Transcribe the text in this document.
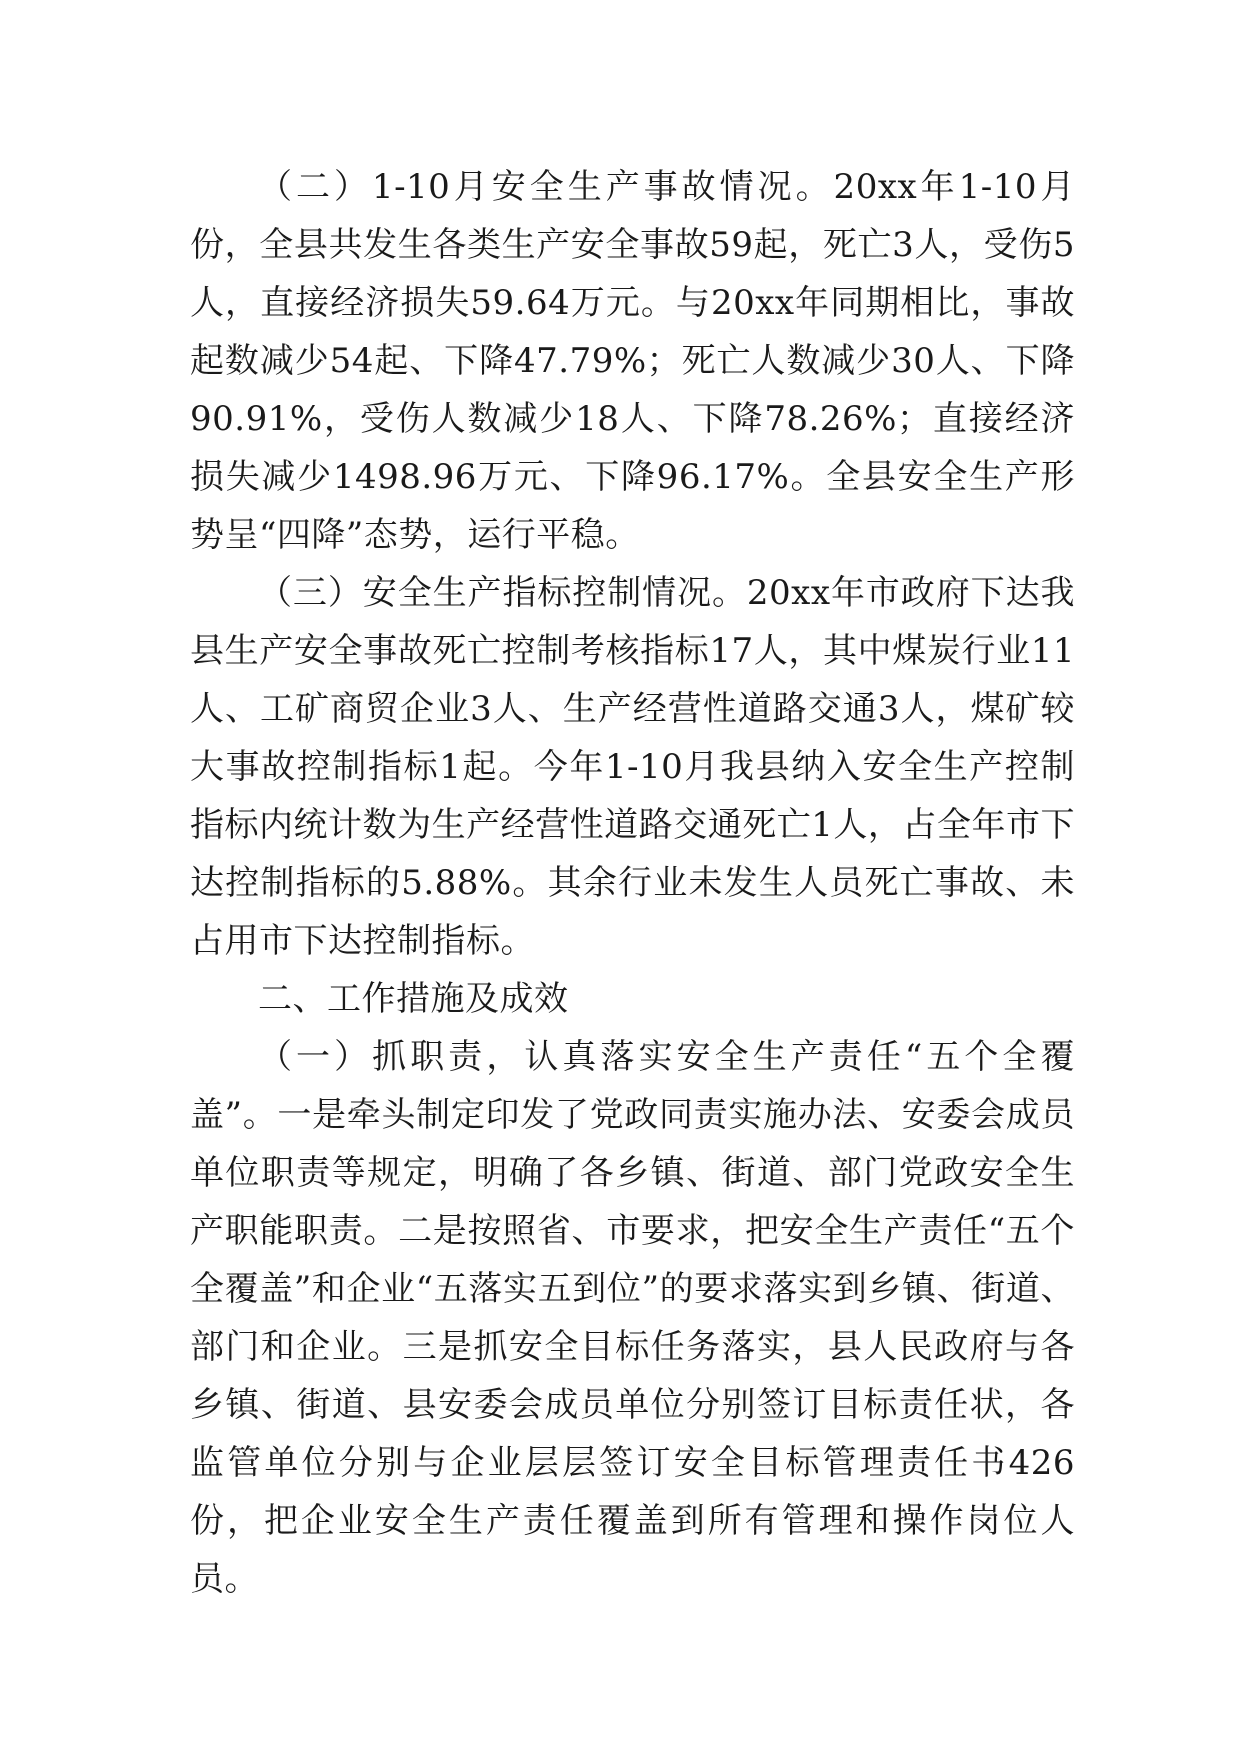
（二）1-10月安全生产事故情况。20xx年1-10月份，全县共发生各类生产安全事故59起，死亡3人，受伤5人，直接经济损失59.64万元。与20xx年同期相比，事故起数减少54起、下降47.79%；死亡人数减少30人、下降90.91%，受伤人数减少18人、下降78.26%；直接经济损失减少1498.96万元、下降96.17%。全县安全生产形势呈“四降”态势，运行平稳。

（三）安全生产指标控制情况。20xx年市政府下达我县生产安全事故死亡控制考核指标17人，其中煤炭行业11人、工矿商贸企业3人、生产经营性道路交通3人，煤矿较大事故控制指标1起。今年1-10月我县纳入安全生产控制指标内统计数为生产经营性道路交通死亡1人，占全年市下达控制指标的5.88%。其余行业未发生人员死亡事故、未占用市下达控制指标。

二、工作措施及成效

（一）抓职责，认真落实安全生产责任“五个全覆盖”。一是牵头制定印发了党政同责实施办法、安委会成员单位职责等规定，明确了各乡镇、街道、部门党政安全生产职能职责。二是按照省、市要求，把安全生产责任“五个全覆盖”和企业“五落实五到位”的要求落实到乡镇、街道、部门和企业。三是抓安全目标任务落实，县人民政府与各乡镇、街道、县安委会成员单位分别签订目标责任状，各监管单位分别与企业层层签订安全目标管理责任书426份，把企业安全生产责任覆盖到所有管理和操作岗位人员。
